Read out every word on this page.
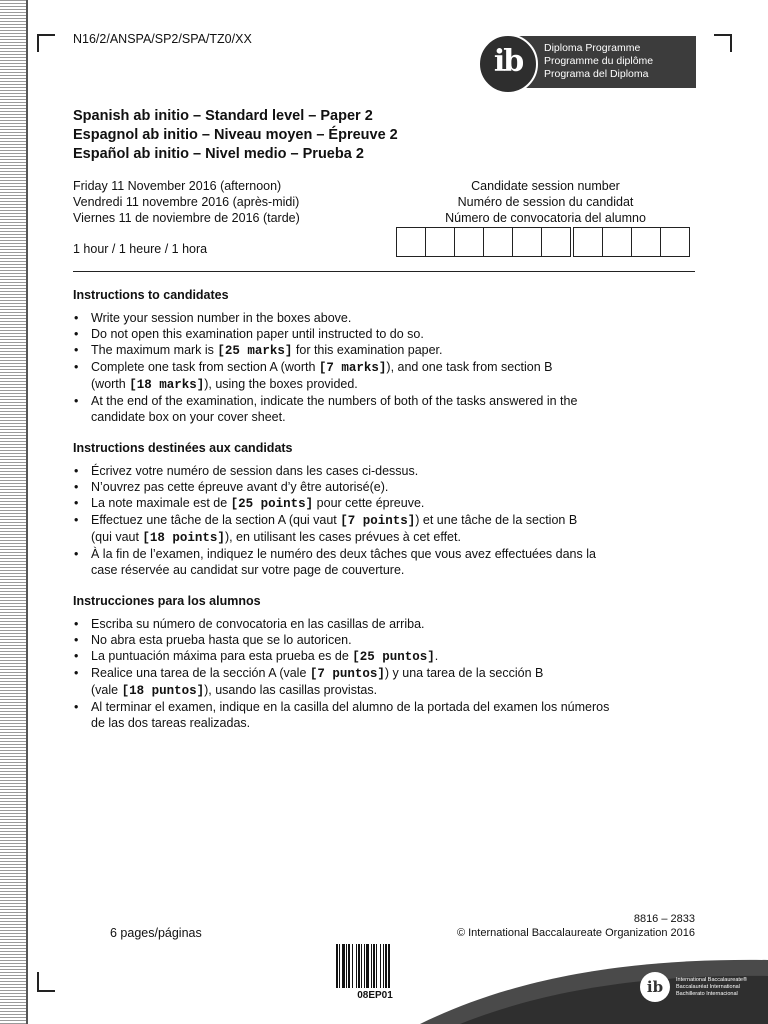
N16/2/ANSPA/SP2/SPA/TZ0/XX
ib	Diploma Programme
Programme du diplôme
Programa del Diploma
Spanish ab initio – Standard level – Paper 2
Espagnol ab initio – Niveau moyen – Épreuve 2
Español ab initio – Nivel medio – Prueba 2
Friday 11 November 2016 (afternoon)
Vendredi 11 novembre 2016 (après-midi)
Viernes 11 de noviembre de 2016 (tarde)
1 hour / 1 heure / 1 hora
Candidate session number
Numéro de session du candidat
Número de convocatoria del alumno
Instructions to candidates
• Write your session number in the boxes above.
• Do not open this examination paper until instructed to do so.
• The maximum mark is [25 marks] for this examination paper.
• Complete one task from section A (worth [7 marks]), and one task from section B
(worth [18 marks]), using the boxes provided.
• At the end of the examination, indicate the numbers of both of the tasks answered in the
candidate box on your cover sheet.
Instructions destinées aux candidats
• Écrivez votre numéro de session dans les cases ci-dessus.
• N’ouvrez pas cette épreuve avant d’y être autorisé(e).
• La note maximale est de [25 points] pour cette épreuve.
• Effectuez une tâche de la section A (qui vaut [7 points]) et une tâche de la section B
(qui vaut [18 points]), en utilisant les cases prévues à cet effet.
• À la fin de l’examen, indiquez le numéro des deux tâches que vous avez effectuées dans la
case réservée au candidat sur votre page de couverture.
Instrucciones para los alumnos
• Escriba su número de convocatoria en las casillas de arriba.
• No abra esta prueba hasta que se lo autoricen.
• La puntuación máxima para esta prueba es de [25 puntos].
• Realice una tarea de la sección A (vale [7 puntos]) y una tarea de la sección B
(vale [18 puntos]), usando las casillas provistas.
• Al terminar el examen, indique en la casilla del alumno de la portada del examen los números
de las dos tareas realizadas.
6 pages/páginas
8816 – 2833
© International Baccalaureate Organization 2016
08EP01	ib	International Baccalaureate®
Baccalauréat International
Bachillerato Internacional
